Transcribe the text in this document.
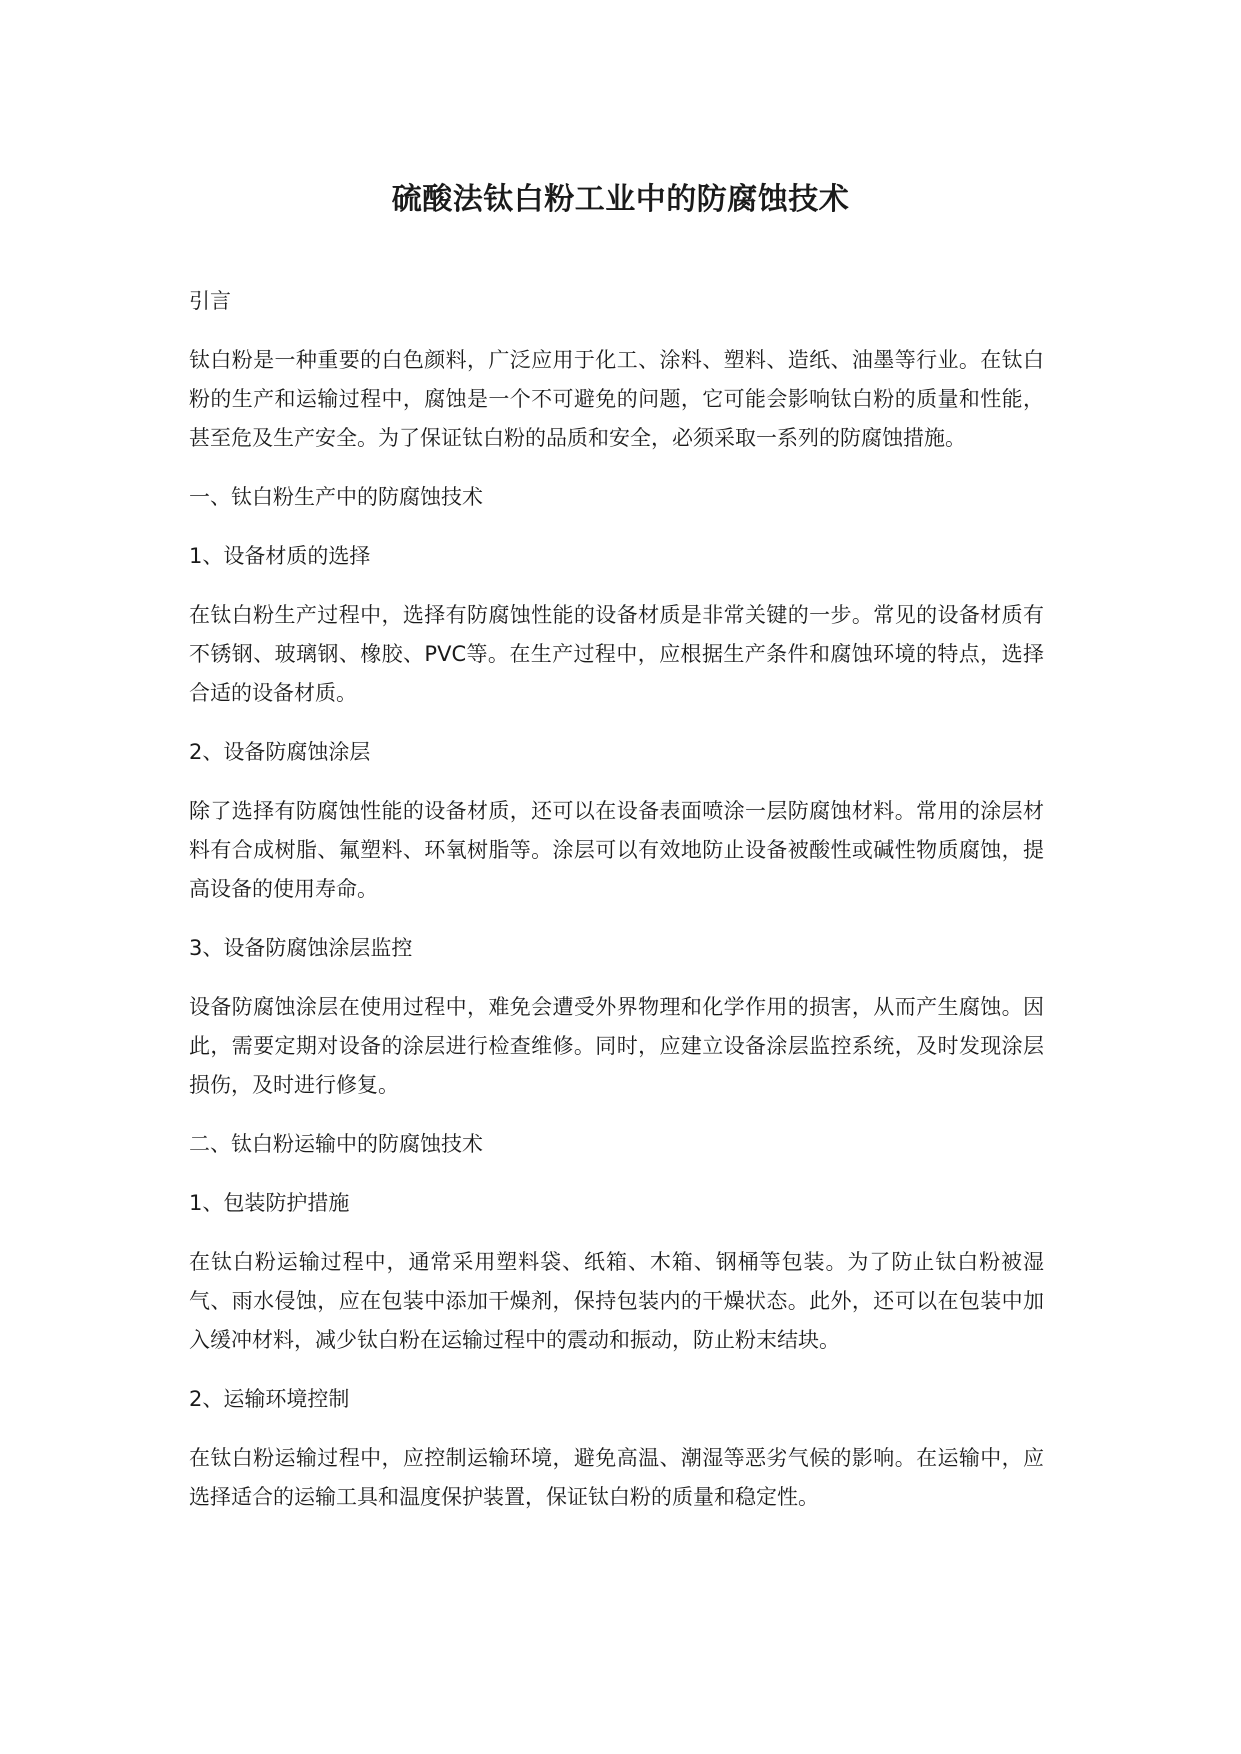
硫酸法钛白粉工业中的防腐蚀技术

引言

钛白粉是一种重要的白色颜料，广泛应用于化工、涂料、塑料、造纸、油墨等行业。在钛白粉的生产和运输过程中，腐蚀是一个不可避免的问题，它可能会影响钛白粉的质量和性能，甚至危及生产安全。为了保证钛白粉的品质和安全，必须采取一系列的防腐蚀措施。

一、钛白粉生产中的防腐蚀技术

1、设备材质的选择

在钛白粉生产过程中，选择有防腐蚀性能的设备材质是非常关键的一步。常见的设备材质有不锈钢、玻璃钢、橡胶、PVC等。在生产过程中，应根据生产条件和腐蚀环境的特点，选择合适的设备材质。

2、设备防腐蚀涂层

除了选择有防腐蚀性能的设备材质，还可以在设备表面喷涂一层防腐蚀材料。常用的涂层材料有合成树脂、氟塑料、环氧树脂等。涂层可以有效地防止设备被酸性或碱性物质腐蚀，提高设备的使用寿命。

3、设备防腐蚀涂层监控

设备防腐蚀涂层在使用过程中，难免会遭受外界物理和化学作用的损害，从而产生腐蚀。因此，需要定期对设备的涂层进行检查维修。同时，应建立设备涂层监控系统，及时发现涂层损伤，及时进行修复。

二、钛白粉运输中的防腐蚀技术

1、包装防护措施

在钛白粉运输过程中，通常采用塑料袋、纸箱、木箱、钢桶等包装。为了防止钛白粉被湿气、雨水侵蚀，应在包装中添加干燥剂，保持包装内的干燥状态。此外，还可以在包装中加入缓冲材料，减少钛白粉在运输过程中的震动和振动，防止粉末结块。

2、运输环境控制

在钛白粉运输过程中，应控制运输环境，避免高温、潮湿等恶劣气候的影响。在运输中，应选择适合的运输工具和温度保护装置，保证钛白粉的质量和稳定性。
